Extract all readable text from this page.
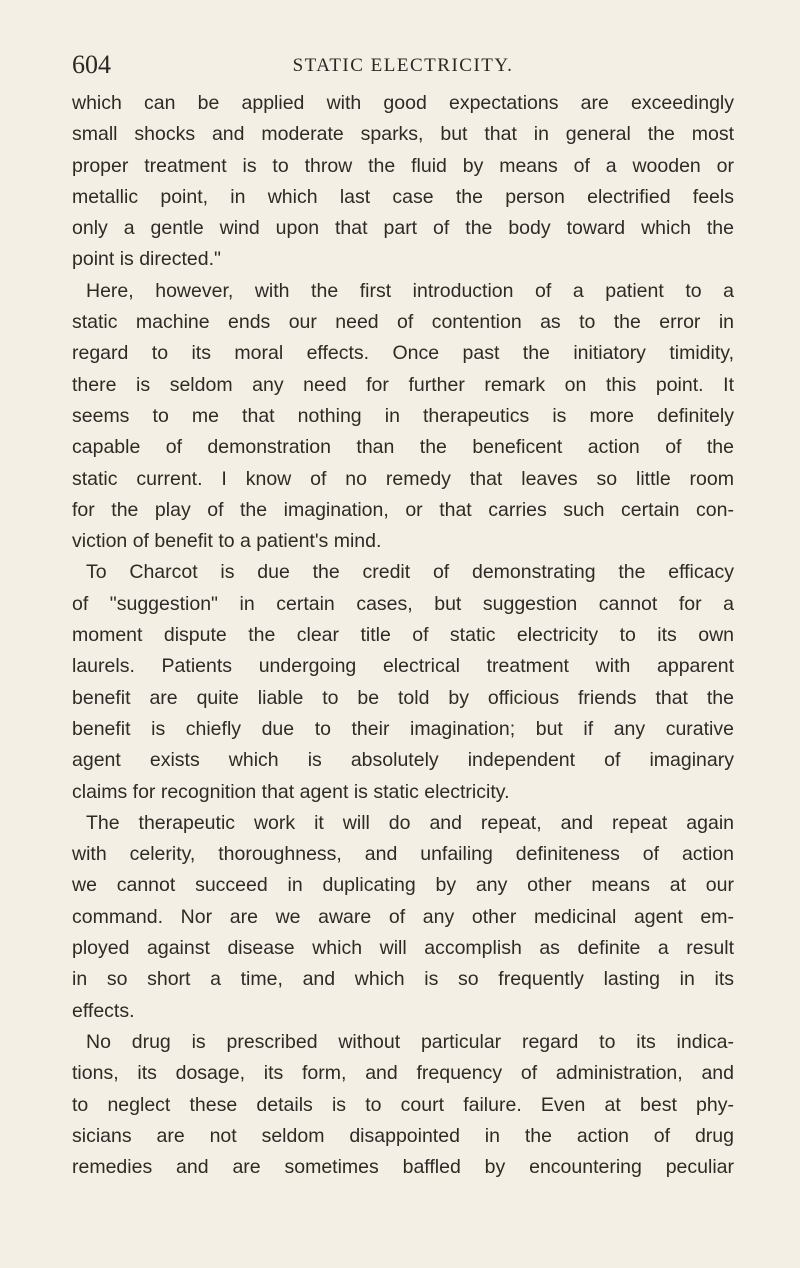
604	STATIC ELECTRICITY.
which can be applied with good expectations are exceedingly
small shocks and moderate sparks, but that in general the most
proper treatment is to throw the fluid by means of a wooden or
metallic point, in which last case the person electrified feels
only a gentle wind upon that part of the body toward which the
point is directed."
Here, however, with the first introduction of a patient to a
static machine ends our need of contention as to the error in
regard to its moral effects. Once past the initiatory timidity,
there is seldom any need for further remark on this point. It
seems to me that nothing in therapeutics is more definitely
capable of demonstration than the beneficent action of the
static current. I know of no remedy that leaves so little room
for the play of the imagination, or that carries such certain con-
viction of benefit to a patient's mind.
To Charcot is due the credit of demonstrating the efficacy
of "suggestion" in certain cases, but suggestion cannot for a
moment dispute the clear title of static electricity to its own
laurels. Patients undergoing electrical treatment with apparent
benefit are quite liable to be told by officious friends that the
benefit is chiefly due to their imagination; but if any curative
agent exists which is absolutely independent of imaginary
claims for recognition that agent is static electricity.
The therapeutic work it will do and repeat, and repeat again
with celerity, thoroughness, and unfailing definiteness of action
we cannot succeed in duplicating by any other means at our
command. Nor are we aware of any other medicinal agent em-
ployed against disease which will accomplish as definite a result
in so short a time, and which is so frequently lasting in its
effects.
No drug is prescribed without particular regard to its indica-
tions, its dosage, its form, and frequency of administration, and
to neglect these details is to court failure. Even at best phy-
sicians are not seldom disappointed in the action of drug
remedies and are sometimes baffled by encountering peculiar
